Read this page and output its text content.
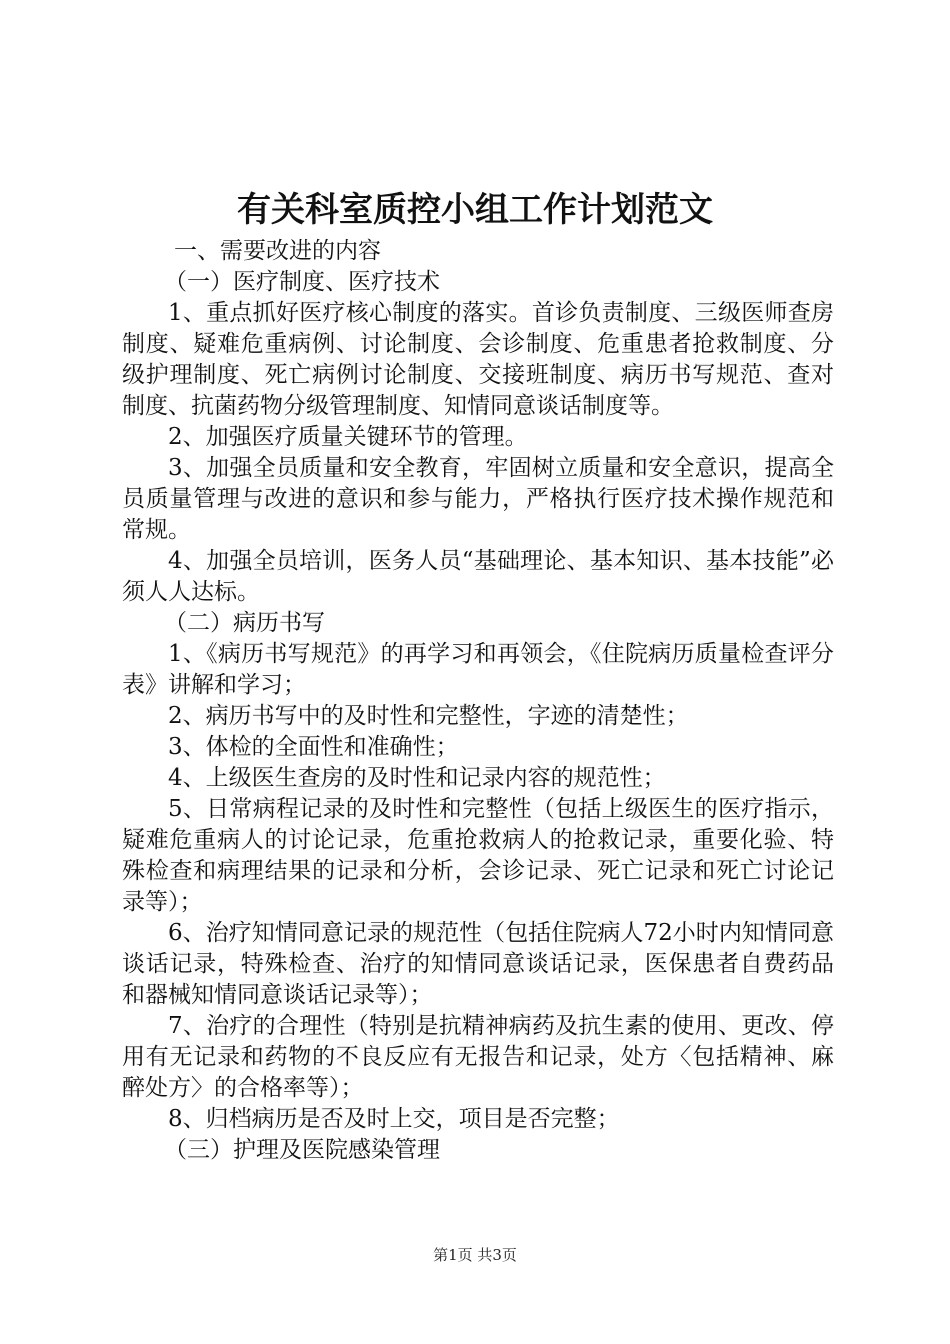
有关科室质控小组工作计划范文

一、需要改进的内容

（一）医疗制度、医疗技术

1、重点抓好医疗核心制度的落实。首诊负责制度、三级医师查房制度、疑难危重病例、讨论制度、会诊制度、危重患者抢救制度、分级护理制度、死亡病例讨论制度、交接班制度、病历书写规范、查对制度、抗菌药物分级管理制度、知情同意谈话制度等。

2、加强医疗质量关键环节的管理。

3、加强全员质量和安全教育，牢固树立质量和安全意识，提高全员质量管理与改进的意识和参与能力，严格执行医疗技术操作规范和常规。

4、加强全员培训，医务人员“基础理论、基本知识、基本技能”必须人人达标。

（二）病历书写

1、《病历书写规范》的再学习和再领会，《住院病历质量检查评分表》讲解和学习；

2、病历书写中的及时性和完整性，字迹的清楚性；

3、体检的全面性和准确性；

4、上级医生查房的及时性和记录内容的规范性；

5、日常病程记录的及时性和完整性（包括上级医生的医疗指示，疑难危重病人的讨论记录，危重抢救病人的抢救记录，重要化验、特殊检查和病理结果的记录和分析，会诊记录、死亡记录和死亡讨论记录等）；

6、治疗知情同意记录的规范性（包括住院病人72小时内知情同意谈话记录，特殊检查、治疗的知情同意谈话记录，医保患者自费药品和器械知情同意谈话记录等）；

7、治疗的合理性（特别是抗精神病药及抗生素的使用、更改、停用有无记录和药物的不良反应有无报告和记录，处方〈包括精神、麻醉处方〉的合格率等）；

8、归档病历是否及时上交，项目是否完整；

（三）护理及医院感染管理

第1页 共3页
